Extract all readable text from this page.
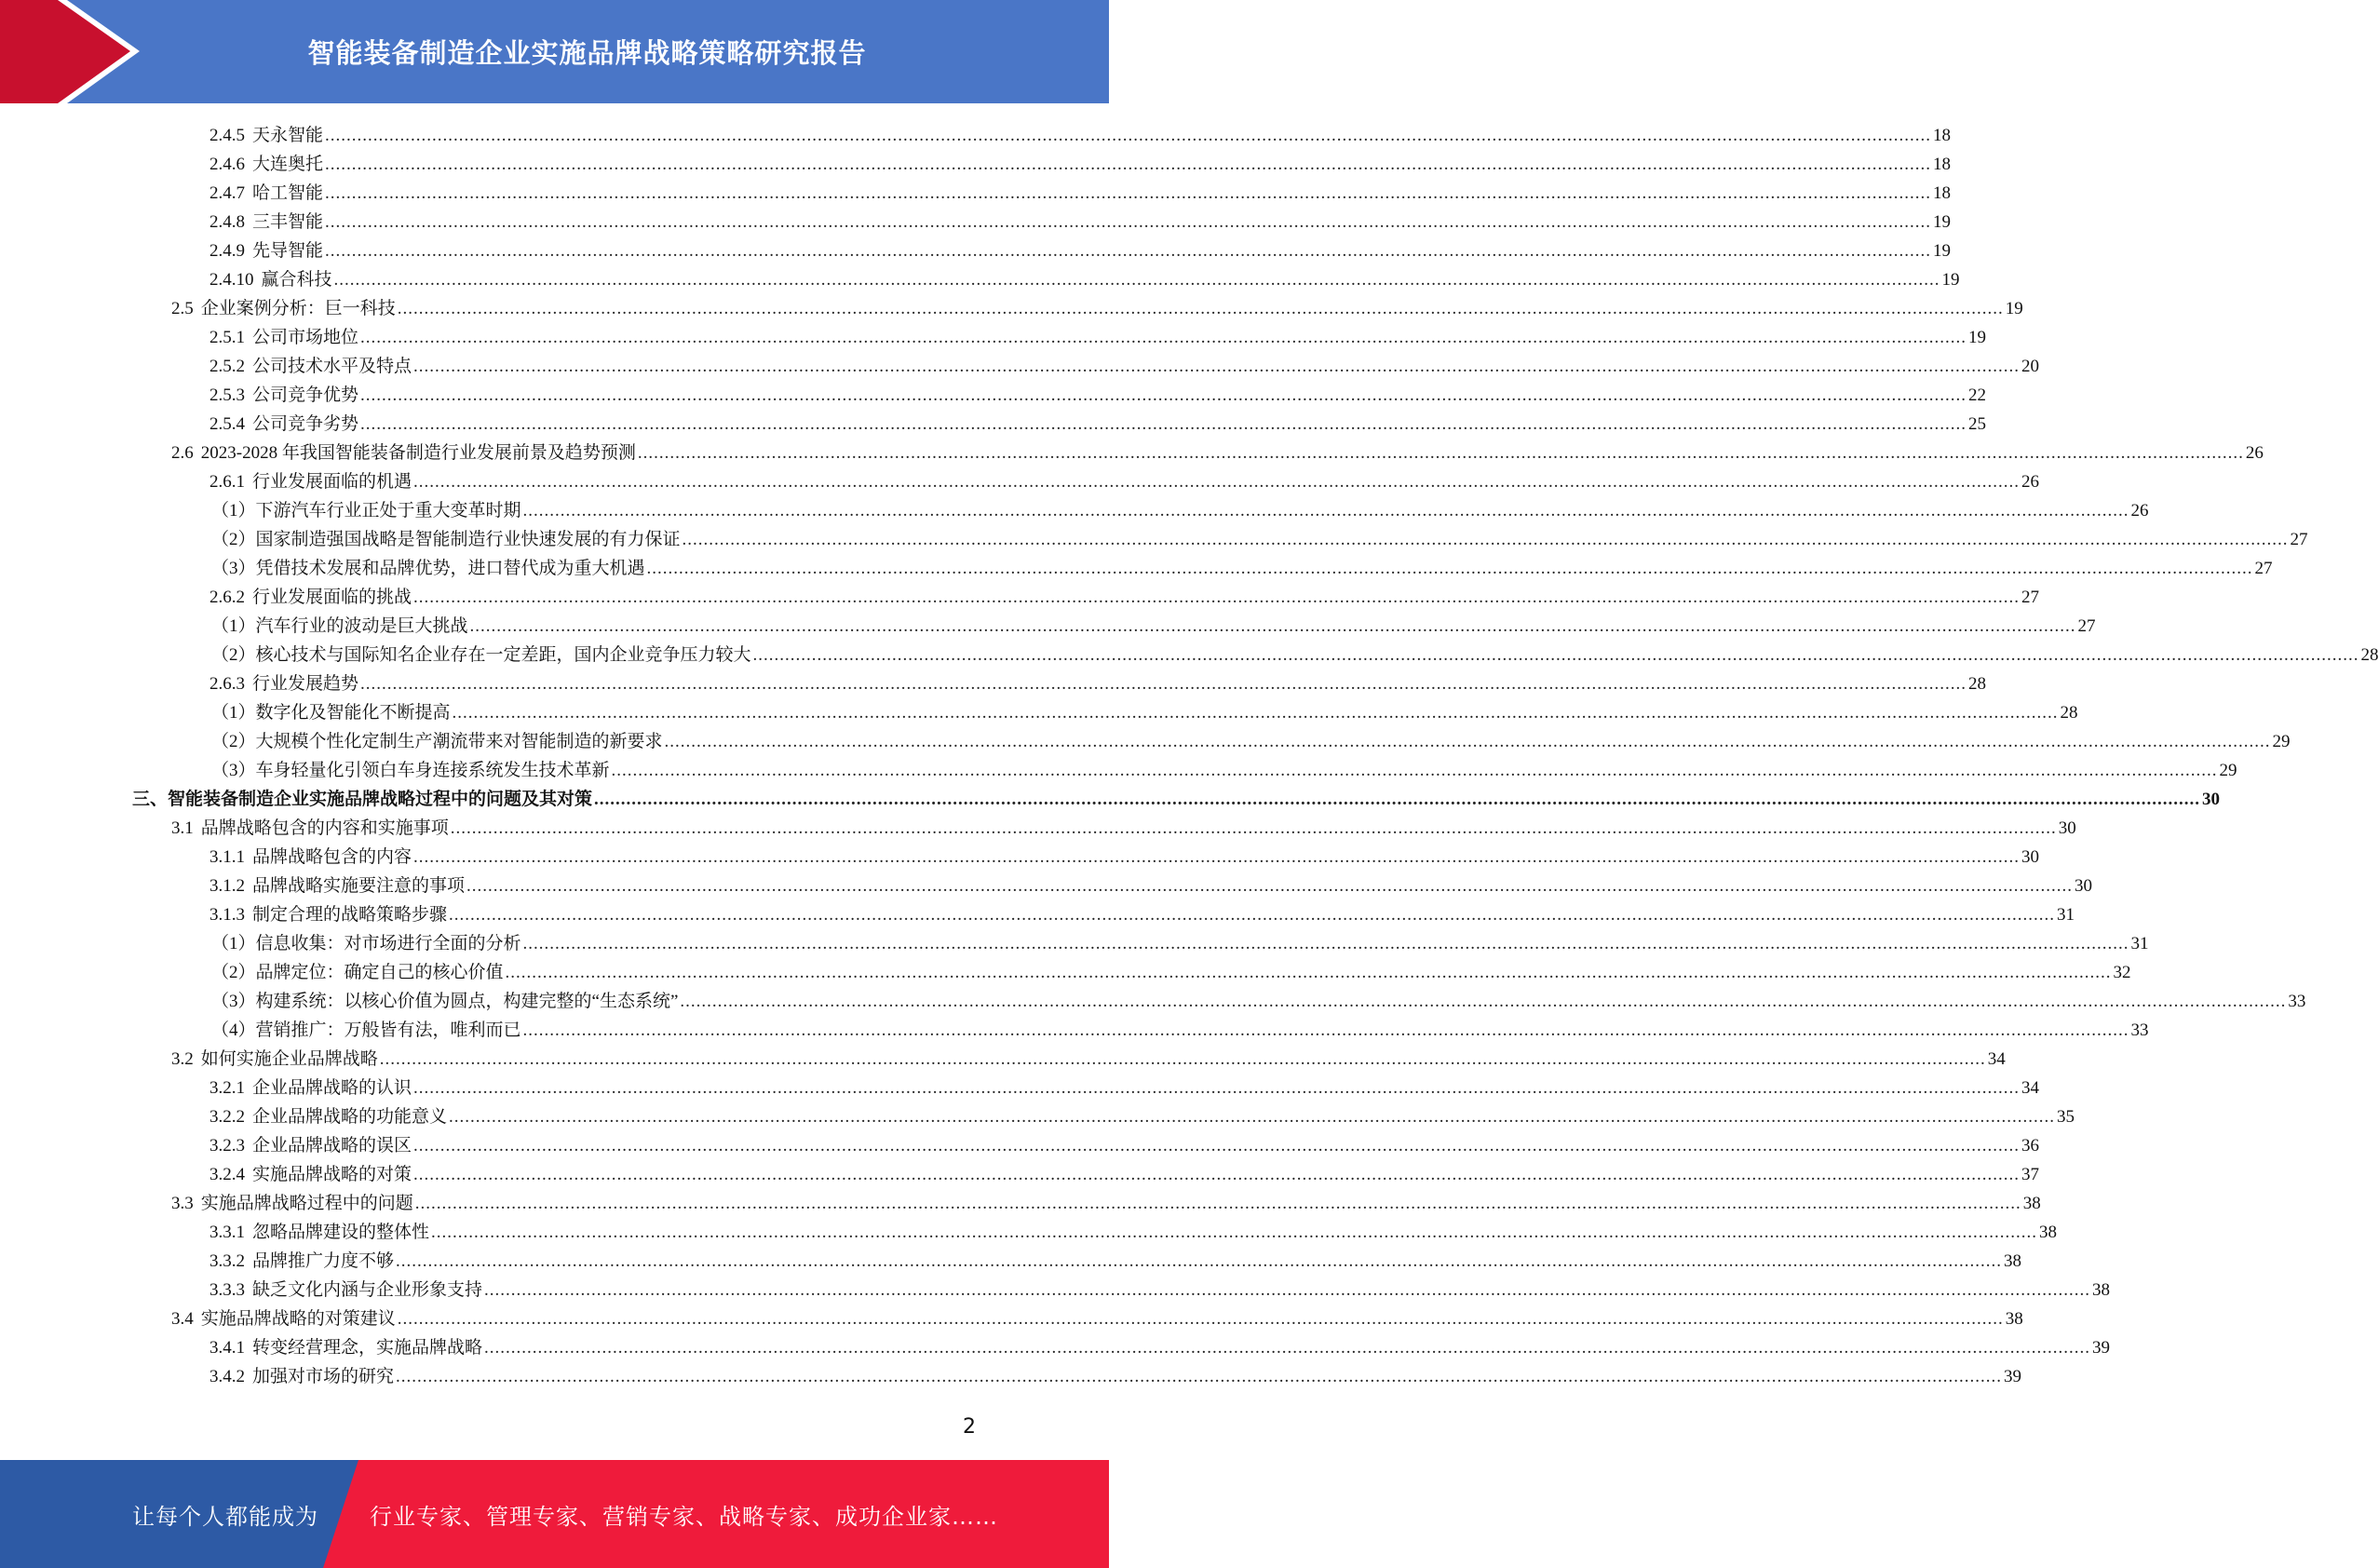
智能装备制造企业实施品牌战略策略研究报告
2.4.5 天永智能 ............................................................................................................................................................................................................................................................................................................ 18
2.4.6 大连奥托 ............................................................................................................................................................................................................................................................................................................ 18
2.4.7 哈工智能 ............................................................................................................................................................................................................................................................................................................ 18
2.4.8 三丰智能 ............................................................................................................................................................................................................................................................................................................ 19
2.4.9 先导智能 ............................................................................................................................................................................................................................................................................................................ 19
2.4.10 赢合科技 ............................................................................................................................................................................................................................................................................................................ 19
2.5 企业案例分析：巨一科技 ............................................................................................................................................................................................................................................................................................................ 19
2.5.1 公司市场地位 ............................................................................................................................................................................................................................................................................................................ 19
2.5.2 公司技术水平及特点 ............................................................................................................................................................................................................................................................................................................ 20
2.5.3 公司竞争优势 ............................................................................................................................................................................................................................................................................................................ 22
2.5.4 公司竞争劣势 ............................................................................................................................................................................................................................................................................................................ 25
2.6 2023-2028 年我国智能装备制造行业发展前景及趋势预测 ............................................................................................................................................................................................................................................................................................................ 26
2.6.1 行业发展面临的机遇 ............................................................................................................................................................................................................................................................................................................ 26
（1） 下游汽车行业正处于重大变革时期 ............................................................................................................................................................................................................................................................................................................ 26
（2） 国家制造强国战略是智能制造行业快速发展的有力保证 ............................................................................................................................................................................................................................................................................................................ 27
（3） 凭借技术发展和品牌优势，进口替代成为重大机遇 ............................................................................................................................................................................................................................................................................................................ 27
2.6.2 行业发展面临的挑战 ............................................................................................................................................................................................................................................................................................................ 27
（1） 汽车行业的波动是巨大挑战 ............................................................................................................................................................................................................................................................................................................ 27
（2） 核心技术与国际知名企业存在一定差距，国内企业竞争压力较大 ............................................................................................................................................................................................................................................................................................................ 28
2.6.3 行业发展趋势 ............................................................................................................................................................................................................................................................................................................ 28
（1） 数字化及智能化不断提高 ............................................................................................................................................................................................................................................................................................................ 28
（2） 大规模个性化定制生产潮流带来对智能制造的新要求 ............................................................................................................................................................................................................................................................................................................ 29
（3） 车身轻量化引领白车身连接系统发生技术革新 ............................................................................................................................................................................................................................................................................................................ 29
三、 智能装备制造企业实施品牌战略过程中的问题及其对策 ............................................................................................................................................................................................................................................................................................................ 30
3.1 品牌战略包含的内容和实施事项 ............................................................................................................................................................................................................................................................................................................ 30
3.1.1 品牌战略包含的内容 ............................................................................................................................................................................................................................................................................................................ 30
3.1.2 品牌战略实施要注意的事项 ............................................................................................................................................................................................................................................................................................................ 30
3.1.3 制定合理的战略策略步骤 ............................................................................................................................................................................................................................................................................................................ 31
（1） 信息收集：对市场进行全面的分析 ............................................................................................................................................................................................................................................................................................................ 31
（2） 品牌定位：确定自己的核心价值 ............................................................................................................................................................................................................................................................................................................ 32
（3） 构建系统：以核心价值为圆点，构建完整的“生态系统” ............................................................................................................................................................................................................................................................................................................ 33
（4） 营销推广：万般皆有法，唯利而已 ............................................................................................................................................................................................................................................................................................................ 33
3.2 如何实施企业品牌战略 ............................................................................................................................................................................................................................................................................................................ 34
3.2.1 企业品牌战略的认识 ............................................................................................................................................................................................................................................................................................................ 34
3.2.2 企业品牌战略的功能意义 ............................................................................................................................................................................................................................................................................................................ 35
3.2.3 企业品牌战略的误区 ............................................................................................................................................................................................................................................................................................................ 36
3.2.4 实施品牌战略的对策 ............................................................................................................................................................................................................................................................................................................ 37
3.3 实施品牌战略过程中的问题 ............................................................................................................................................................................................................................................................................................................ 38
3.3.1 忽略品牌建设的整体性 ............................................................................................................................................................................................................................................................................................................ 38
3.3.2 品牌推广力度不够 ............................................................................................................................................................................................................................................................................................................ 38
3.3.3 缺乏文化内涵与企业形象支持 ............................................................................................................................................................................................................................................................................................................ 38
3.4 实施品牌战略的对策建议 ............................................................................................................................................................................................................................................................................................................ 38
3.4.1 转变经营理念，实施品牌战略 ............................................................................................................................................................................................................................................................................................................ 39
3.4.2 加强对市场的研究 ............................................................................................................................................................................................................................................................................................................ 39
2
让每个人都能成为 行业专家、管理专家、营销专家、战略专家、成功企业家……
